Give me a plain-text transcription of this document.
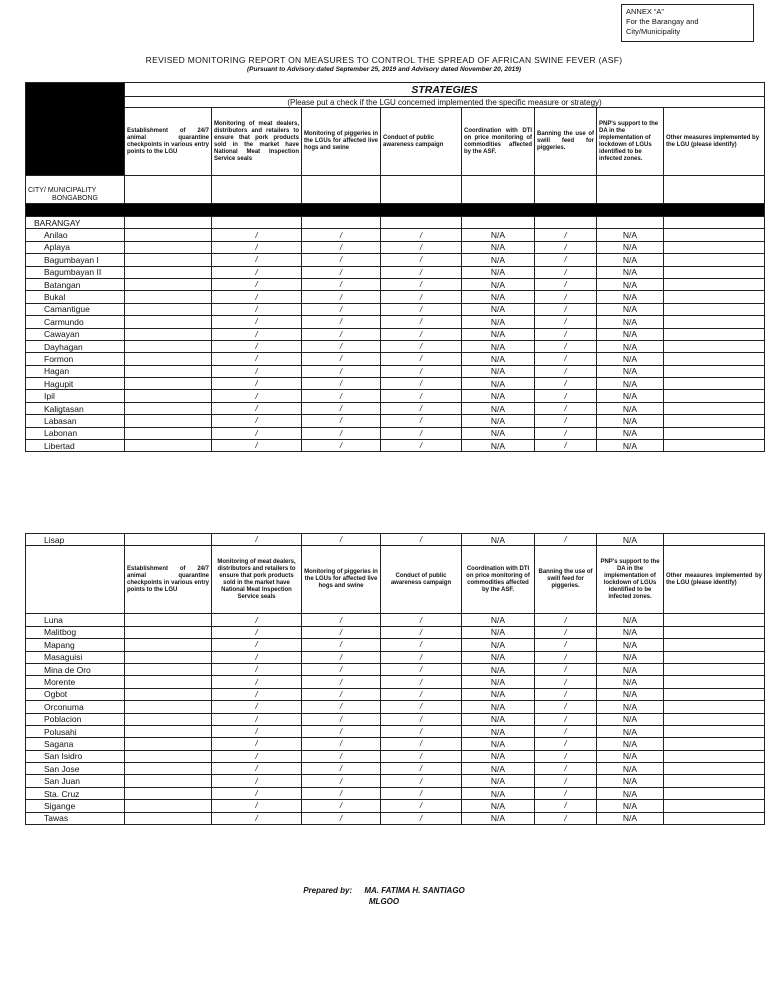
ANNEX “A”
For the Barangay and
City/Municipality
REVISED MONITORING REPORT ON MEASURES TO CONTROL THE SPREAD OF AFRICAN SWINE FEVER (ASF)
(Pursuant to Advisory dated September 25, 2019 and Advisory dated November 20, 2019)
	STRATEGIES							
	(Please put a check if the LGU concerned implemented the specific measure or strategy)							
	Establishment of 24/7 animal quarantine checkpoints in various entry points to the LGU	Monitoring of meat dealers, distributors and retailers to ensure that pork products sold in the market have National Meat Inspection Service seals	Monitoring of piggeries in the LGUs for affected live hogs and swine	Conduct of public awareness campaign	Coordination with DTI on price monitoring of commodities affected by the ASF.	Banning the use of swill feed for piggeries.	PNP's support to the DA in the implementation of lockdown of LGUs identified to be infected zones.	Other measures implemented by the LGU (please identify)

CITY/ MUNICIPALITY
BONGABONG								

BARANGAY								
Anilao		/	/	/	N/A	/	N/A	
Aplaya		/	/	/	N/A	/	N/A	
Bagumbayan I		/	/	/	N/A	/	N/A	
Bagumbayan II		/	/	/	N/A	/	N/A	
Batangan		/	/	/	N/A	/	N/A	
Bukal		/	/	/	N/A	/	N/A	
Camantigue		/	/	/	N/A	/	N/A	
Carmundo		/	/	/	N/A	/	N/A	
Cawayan		/	/	/	N/A	/	N/A	
Dayhagan		/	/	/	N/A	/	N/A	
Formon		/	/	/	N/A	/	N/A	
Hagan		/	/	/	N/A	/	N/A	
Hagupit		/	/	/	N/A	/	N/A	
Ipil		/	/	/	N/A	/	N/A	
Kaligtasan		/	/	/	N/A	/	N/A	
Labasan		/	/	/	N/A	/	N/A	
Labonan		/	/	/	N/A	/	N/A	
Libertad		/	/	/	N/A	/	N/A	
Lisap		/	/	/	N/A	/	N/A	
	Establishment of 24/7 animal quarantine checkpoints in various entry points to the LGU	Monitoring of meat dealers, distributors and retailers to ensure that pork products sold in the market have National Meat Inspection Service seals	Monitoring of piggeries in the LGUs for affected live hogs and swine	Conduct of public awareness campaign	Coordination with DTI on price monitoring of commodities affected by the ASF.	Banning the use of swill feed for piggeries.	PNP's support to the DA in the implementation of lockdown of LGUs identified to be infected zones.	Other measures implemented by the LGU (please identify)
Luna		/	/	/	N/A	/	N/A	
Malitbog		/	/	/	N/A	/	N/A	
Mapang		/	/	/	N/A	/	N/A	
Masaguisi		/	/	/	N/A	/	N/A	
Mina de Oro		/	/	/	N/A	/	N/A	
Morente		/	/	/	N/A	/	N/A	
Ogbot		/	/	/	N/A	/	N/A	
Orconuma		/	/	/	N/A	/	N/A	
Poblacion		/	/	/	N/A	/	N/A	
Polusahi		/	/	/	N/A	/	N/A	
Sagana		/	/	/	N/A	/	N/A	
San Isidro		/	/	/	N/A	/	N/A	
San Jose		/	/	/	N/A	/	N/A	
San Juan		/	/	/	N/A	/	N/A	
Sta. Cruz		/	/	/	N/A	/	N/A	
Sigange		/	/	/	N/A	/	N/A	
Tawas		/	/	/	N/A	/	N/A	
Prepared by: MA. FATIMA H. SANTIAGO
MLGOO
